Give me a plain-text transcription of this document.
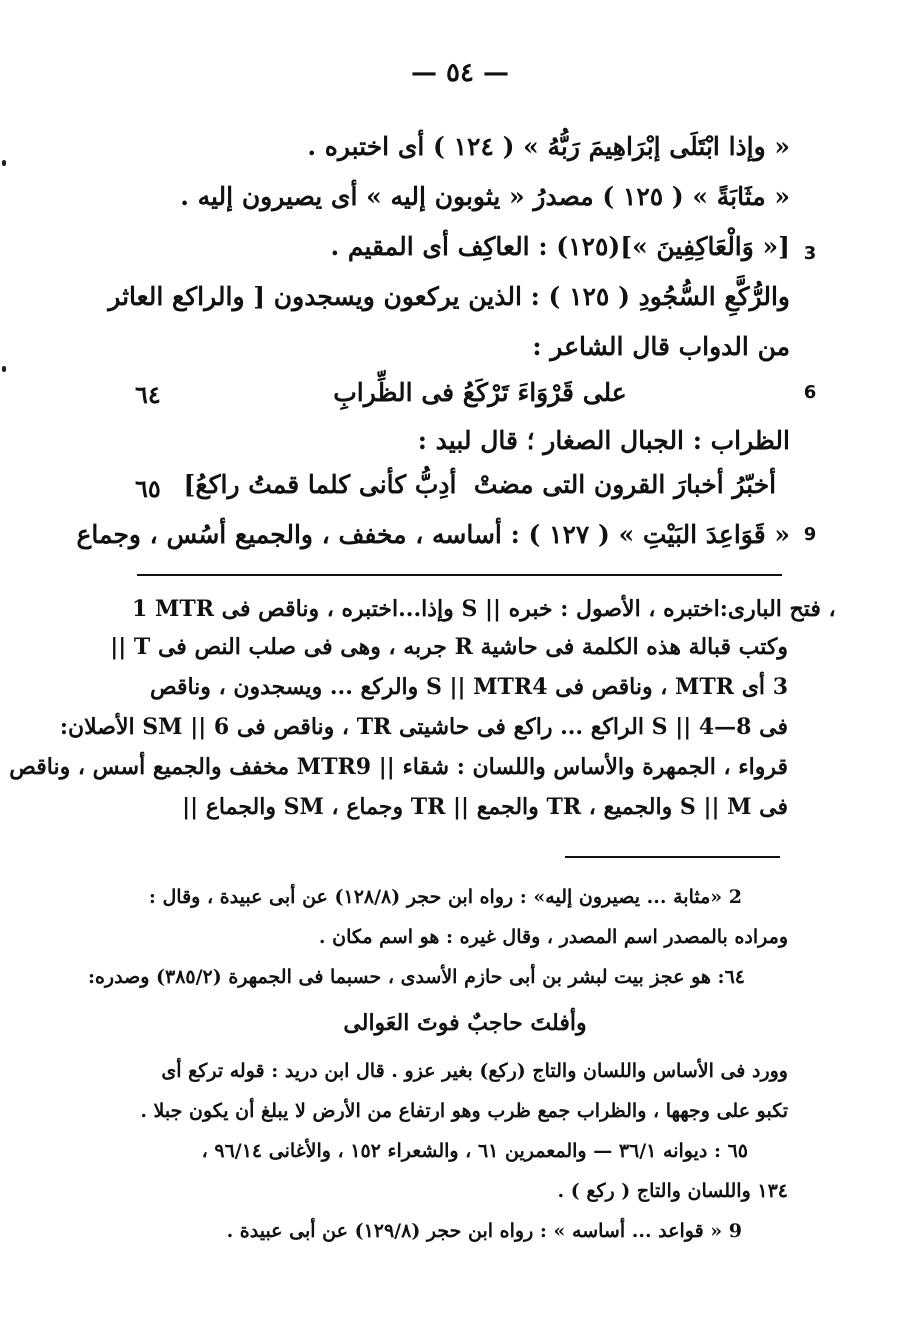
— ٥٤ —
« وإذا ابْتَلَى إبْرَاهِيمَ رَبُّهُ » ( ١٢٤ ) أى اختبره .
« مثَابَةً » ( ١٢٥ ) مصدرُ « يثوبون إليه » أى يصيرون إليه .
[« وَالْعَاكِفِينَ »](١٢٥) : العاكِف أى المقيم . 3
والرُّكَّعِ السُّجُودِ ( ١٢٥ ) : الذين يركعون ويسجدون [ والراكع العاثر
من الدواب قال الشاعر :
على قَرْوَاءَ تَرْكَعُ فى الظِّرابِ
٦٤	6
الظراب : الجبال الصغار ؛ قال لبيد :
أخبّرُ أخبارَ القرون التى مضتْ
أدِبُّ كأنى كلما قمتُ راكعُ]
٦٥
« قَوَاعِدَ البَيْتِ » ( ١٢٧ ) : أساسه ، مخفف ، والجميع أسُس ، وجماع 9
1 MTR وإذا...اختبره ، وناقص فى S || فتح البارى:اختبره ، الأصول : خبره ،
وكتب قبالة هذه الكلمة فى حاشية R جربه ، وهى فى صلب النص فى T ||
3 أى MTR ، وناقص فى S || MTR4 والركع ... ويسجدون ، وناقص
فى S || 4—8 الراكع ... راكع فى حاشيتى TR ، وناقص فى SM || 6 الأصلان:
قرواء ، الجمهرة والأساس واللسان : شقاء || MTR9 مخفف والجميع أسس ، وناقص
فى S || M والجميع ، TR والجمع || TR وجماع ، SM والجماع ||
2 «مثابة ... يصيرون إليه» : رواه ابن حجر (١٢٨/٨) عن أبى عبيدة ، وقال :
ومراده بالمصدر اسم المصدر ، وقال غيره : هو اسم مكان .
٦٤: هو عجز بيت لبشر بن أبى حازم الأسدى ، حسبما فى الجمهرة (٣٨٥/٢) وصدره:
وأفلتَ حاجبٌ فوتَ العَوالى
وورد فى الأساس واللسان والتاج (ركع) بغير عزو . قال ابن دريد : قوله تركع أى
تكبو على وجهها ، والظراب جمع ظرب وهو ارتفاع من الأرض لا يبلغ أن يكون جبلا .
٦٥ : ديوانه ٣٦/١ — والمعمرين ٦١ ، والشعراء ١٥٢ ، والأغانى ٩٦/١٤ ،
١٣٤ واللسان والتاج ( ركع ) .
9 « قواعد ... أساسه » : رواه ابن حجر (١٢٩/٨) عن أبى عبيدة .
